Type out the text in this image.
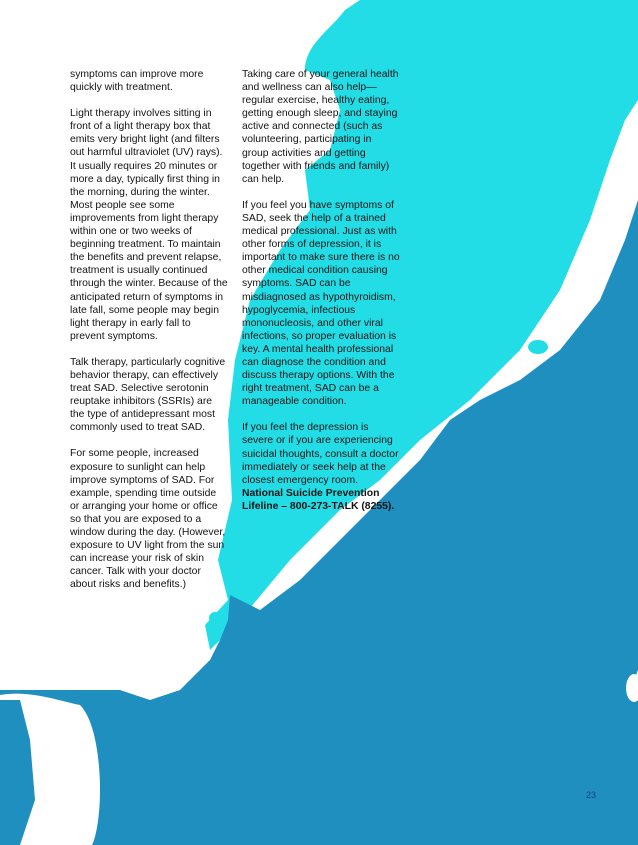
symptoms can improve more quickly with treatment.

Light therapy involves sitting in front of a light therapy box that emits very bright light (and filters out harmful ultraviolet (UV) rays). It usually requires 20 minutes or more a day, typically first thing in the morning, during the winter. Most people see some improvements from light therapy within one or two weeks of beginning treatment. To maintain the benefits and prevent relapse, treatment is usually continued through the winter. Because of the anticipated return of symptoms in late fall, some people may begin light therapy in early fall to prevent symptoms.

Talk therapy, particularly cognitive behavior therapy, can effectively treat SAD. Selective serotonin reuptake inhibitors (SSRIs) are the type of antidepressant most commonly used to treat SAD.

For some people, increased exposure to sunlight can help improve symptoms of SAD. For example, spending time outside or arranging your home or office so that you are exposed to a window during the day. (However, exposure to UV light from the sun can increase your risk of skin cancer. Talk with your doctor about risks and benefits.)

Taking care of your general health and wellness can also help—regular exercise, healthy eating, getting enough sleep, and staying active and connected (such as volunteering, participating in group activities and getting together with friends and family) can help.

If you feel you have symptoms of SAD, seek the help of a trained medical professional. Just as with other forms of depression, it is important to make sure there is no other medical condition causing symptoms. SAD can be misdiagnosed as hypothyroidism, hypoglycemia, infectious mononucleosis, and other viral infections, so proper evaluation is key. A mental health professional can diagnose the condition and discuss therapy options. With the right treatment, SAD can be a manageable condition.

If you feel the depression is severe or if you are experiencing suicidal thoughts, consult a doctor immediately or seek help at the closest emergency room. National Suicide Prevention Lifeline – 800-273-TALK (8255).

23
